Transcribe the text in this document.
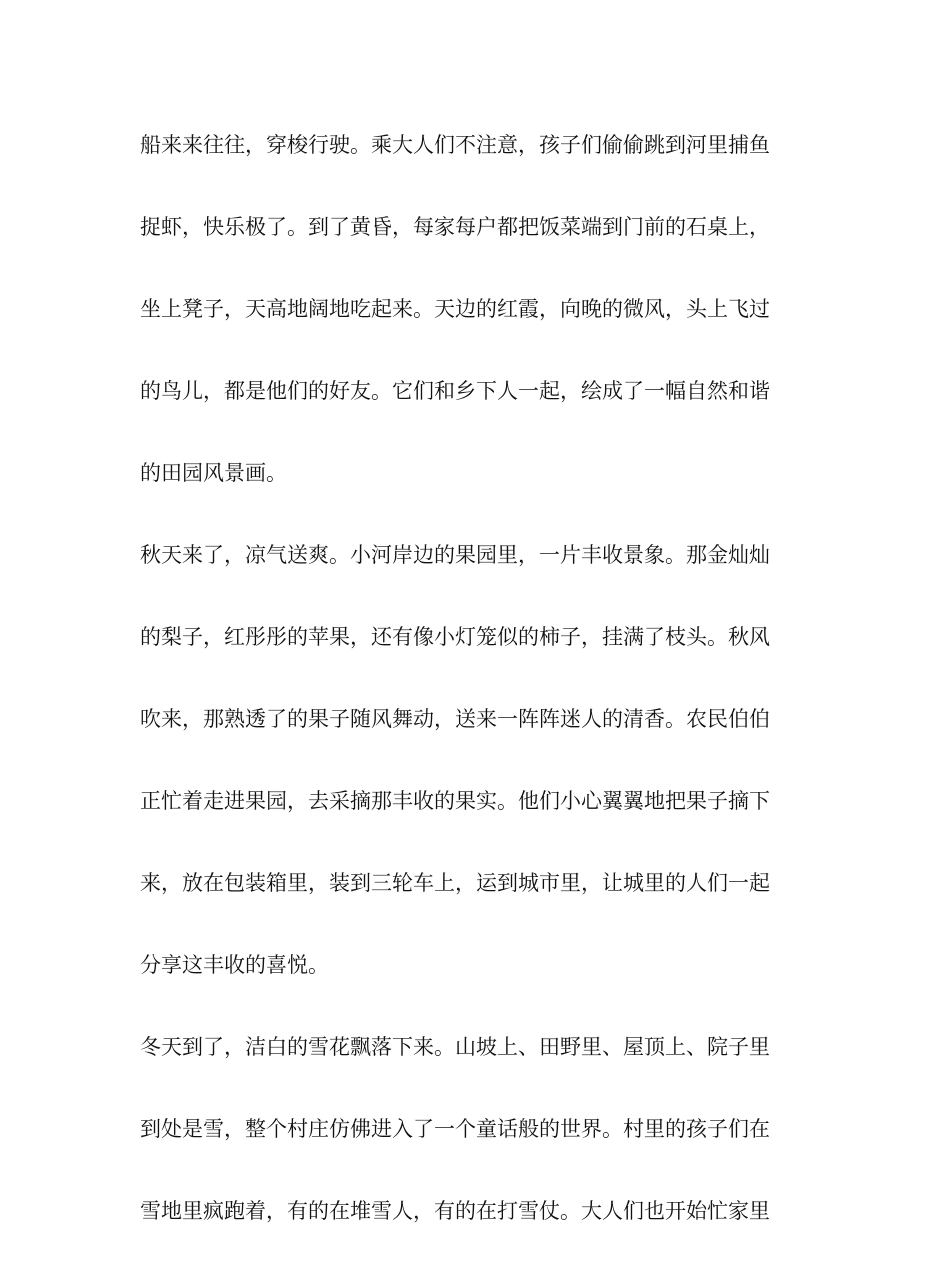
船来来往往，穿梭行驶。乘大人们不注意，孩子们偷偷跳到河里捕鱼
捉虾，快乐极了。到了黄昏，每家每户都把饭菜端到门前的石桌上，
坐上凳子，天高地阔地吃起来。天边的红霞，向晚的微风，头上飞过
的鸟儿，都是他们的好友。它们和乡下人一起，绘成了一幅自然和谐
的田园风景画。
秋天来了，凉气送爽。小河岸边的果园里，一片丰收景象。那金灿灿
的梨子，红彤彤的苹果，还有像小灯笼似的柿子，挂满了枝头。秋风
吹来，那熟透了的果子随风舞动，送来一阵阵迷人的清香。农民伯伯
正忙着走进果园，去采摘那丰收的果实。他们小心翼翼地把果子摘下
来，放在包装箱里，装到三轮车上，运到城市里，让城里的人们一起
分享这丰收的喜悦。
冬天到了，洁白的雪花飘落下来。山坡上、田野里、屋顶上、院子里
到处是雪，整个村庄仿佛进入了一个童话般的世界。村里的孩子们在
雪地里疯跑着，有的在堆雪人，有的在打雪仗。大人们也开始忙家里
